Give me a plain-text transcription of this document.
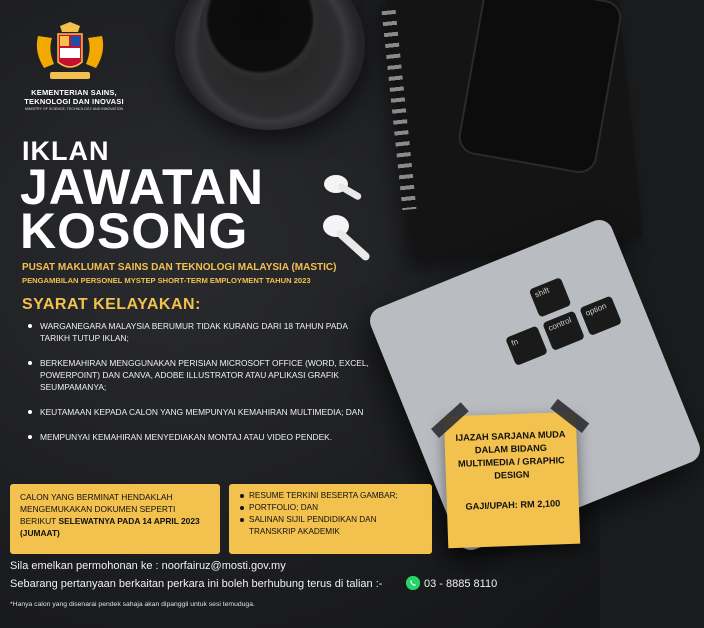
shift
fn
control
option
KEMENTERIAN SAINS,
TEKNOLOGI DAN INOVASI
MINISTRY OF SCIENCE, TECHNOLOGY AND INNOVATION
IKLAN
JAWATAN
KOSONG
PUSAT MAKLUMAT SAINS DAN TEKNOLOGI MALAYSIA (MASTIC)
PENGAMBILAN PERSONEL MYSTEP SHORT-TERM EMPLOYMENT TAHUN 2023
SYARAT KELAYAKAN:
WARGANEGARA MALAYSIA BERUMUR TIDAK KURANG DARI 18 TAHUN PADA TARIKH TUTUP IKLAN;
BERKEMAHIRAN MENGGUNAKAN PERISIAN MICROSOFT OFFICE (WORD, EXCEL, POWERPOINT) DAN CANVA, ADOBE ILLUSTRATOR ATAU APLIKASI GRAFIK SEUMPAMANYA;
KEUTAMAAN KEPADA CALON YANG MEMPUNYAI KEMAHIRAN MULTIMEDIA; DAN
MEMPUNYAI KEMAHIRAN MENYEDIAKAN MONTAJ ATAU VIDEO PENDEK.
CALON YANG BERMINAT HENDAKLAH MENGEMUKAKAN DOKUMEN SEPERTI BERIKUT SELEWATNYA PADA 14 APRIL 2023 (JUMAAT)
RESUME TERKINI BESERTA GAMBAR;
PORTFOLIO; DAN
SALINAN SIJIL PENDIDIKAN DAN TRANSKRIP AKADEMIK
IJAZAH SARJANA MUDA DALAM BIDANG MULTIMEDIA / GRAPHIC DESIGN
GAJI/UPAH: RM 2,100
Sila emelkan permohonan ke : noorfairuz@mosti.gov.my
Sebarang pertanyaan berkaitan perkara ini boleh berhubung terus di talian :-	03 - 8885 8110
*Hanya calon yang disenarai pendek sahaja akan dipanggil untuk sesi temuduga.
